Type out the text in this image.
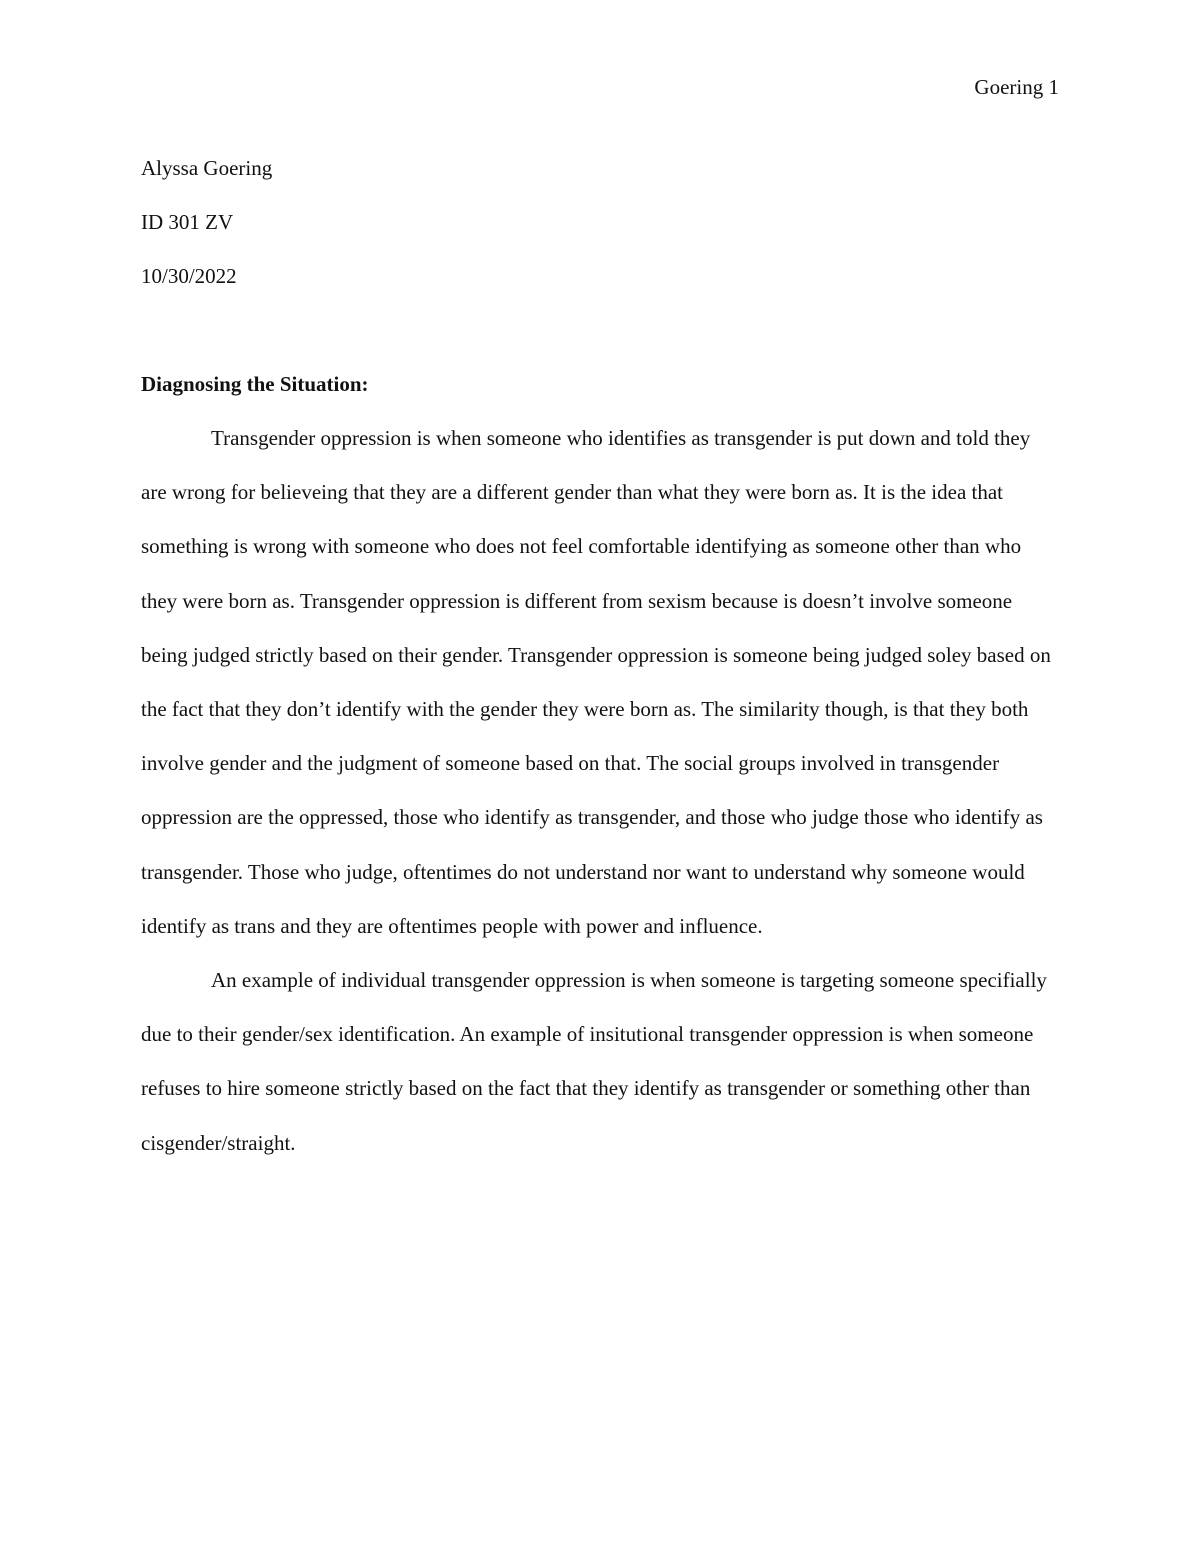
Goering 1

Alyssa Goering

ID 301 ZV

10/30/2022

Diagnosing the Situation:

Transgender oppression is when someone who identifies as transgender is put down and told they are wrong for believeing that they are a different gender than what they were born as. It is the idea that something is wrong with someone who does not feel comfortable identifying as someone other than who they were born as. Transgender oppression is different from sexism because is doesn’t involve someone being judged strictly based on their gender. Transgender oppression is someone being judged soley based on the fact that they don’t identify with the gender they were born as. The similarity though, is that they both involve gender and the judgment of someone based on that. The social groups involved in transgender oppression are the oppressed, those who identify as transgender, and those who judge those who identify as transgender. Those who judge, oftentimes do not understand nor want to understand why someone would identify as trans and they are oftentimes people with power and influence.

An example of individual transgender oppression is when someone is targeting someone specifially due to their gender/sex identification. An example of insitutional transgender oppression is when someone refuses to hire someone strictly based on the fact that they identify as transgender or something other than cisgender/straight.
